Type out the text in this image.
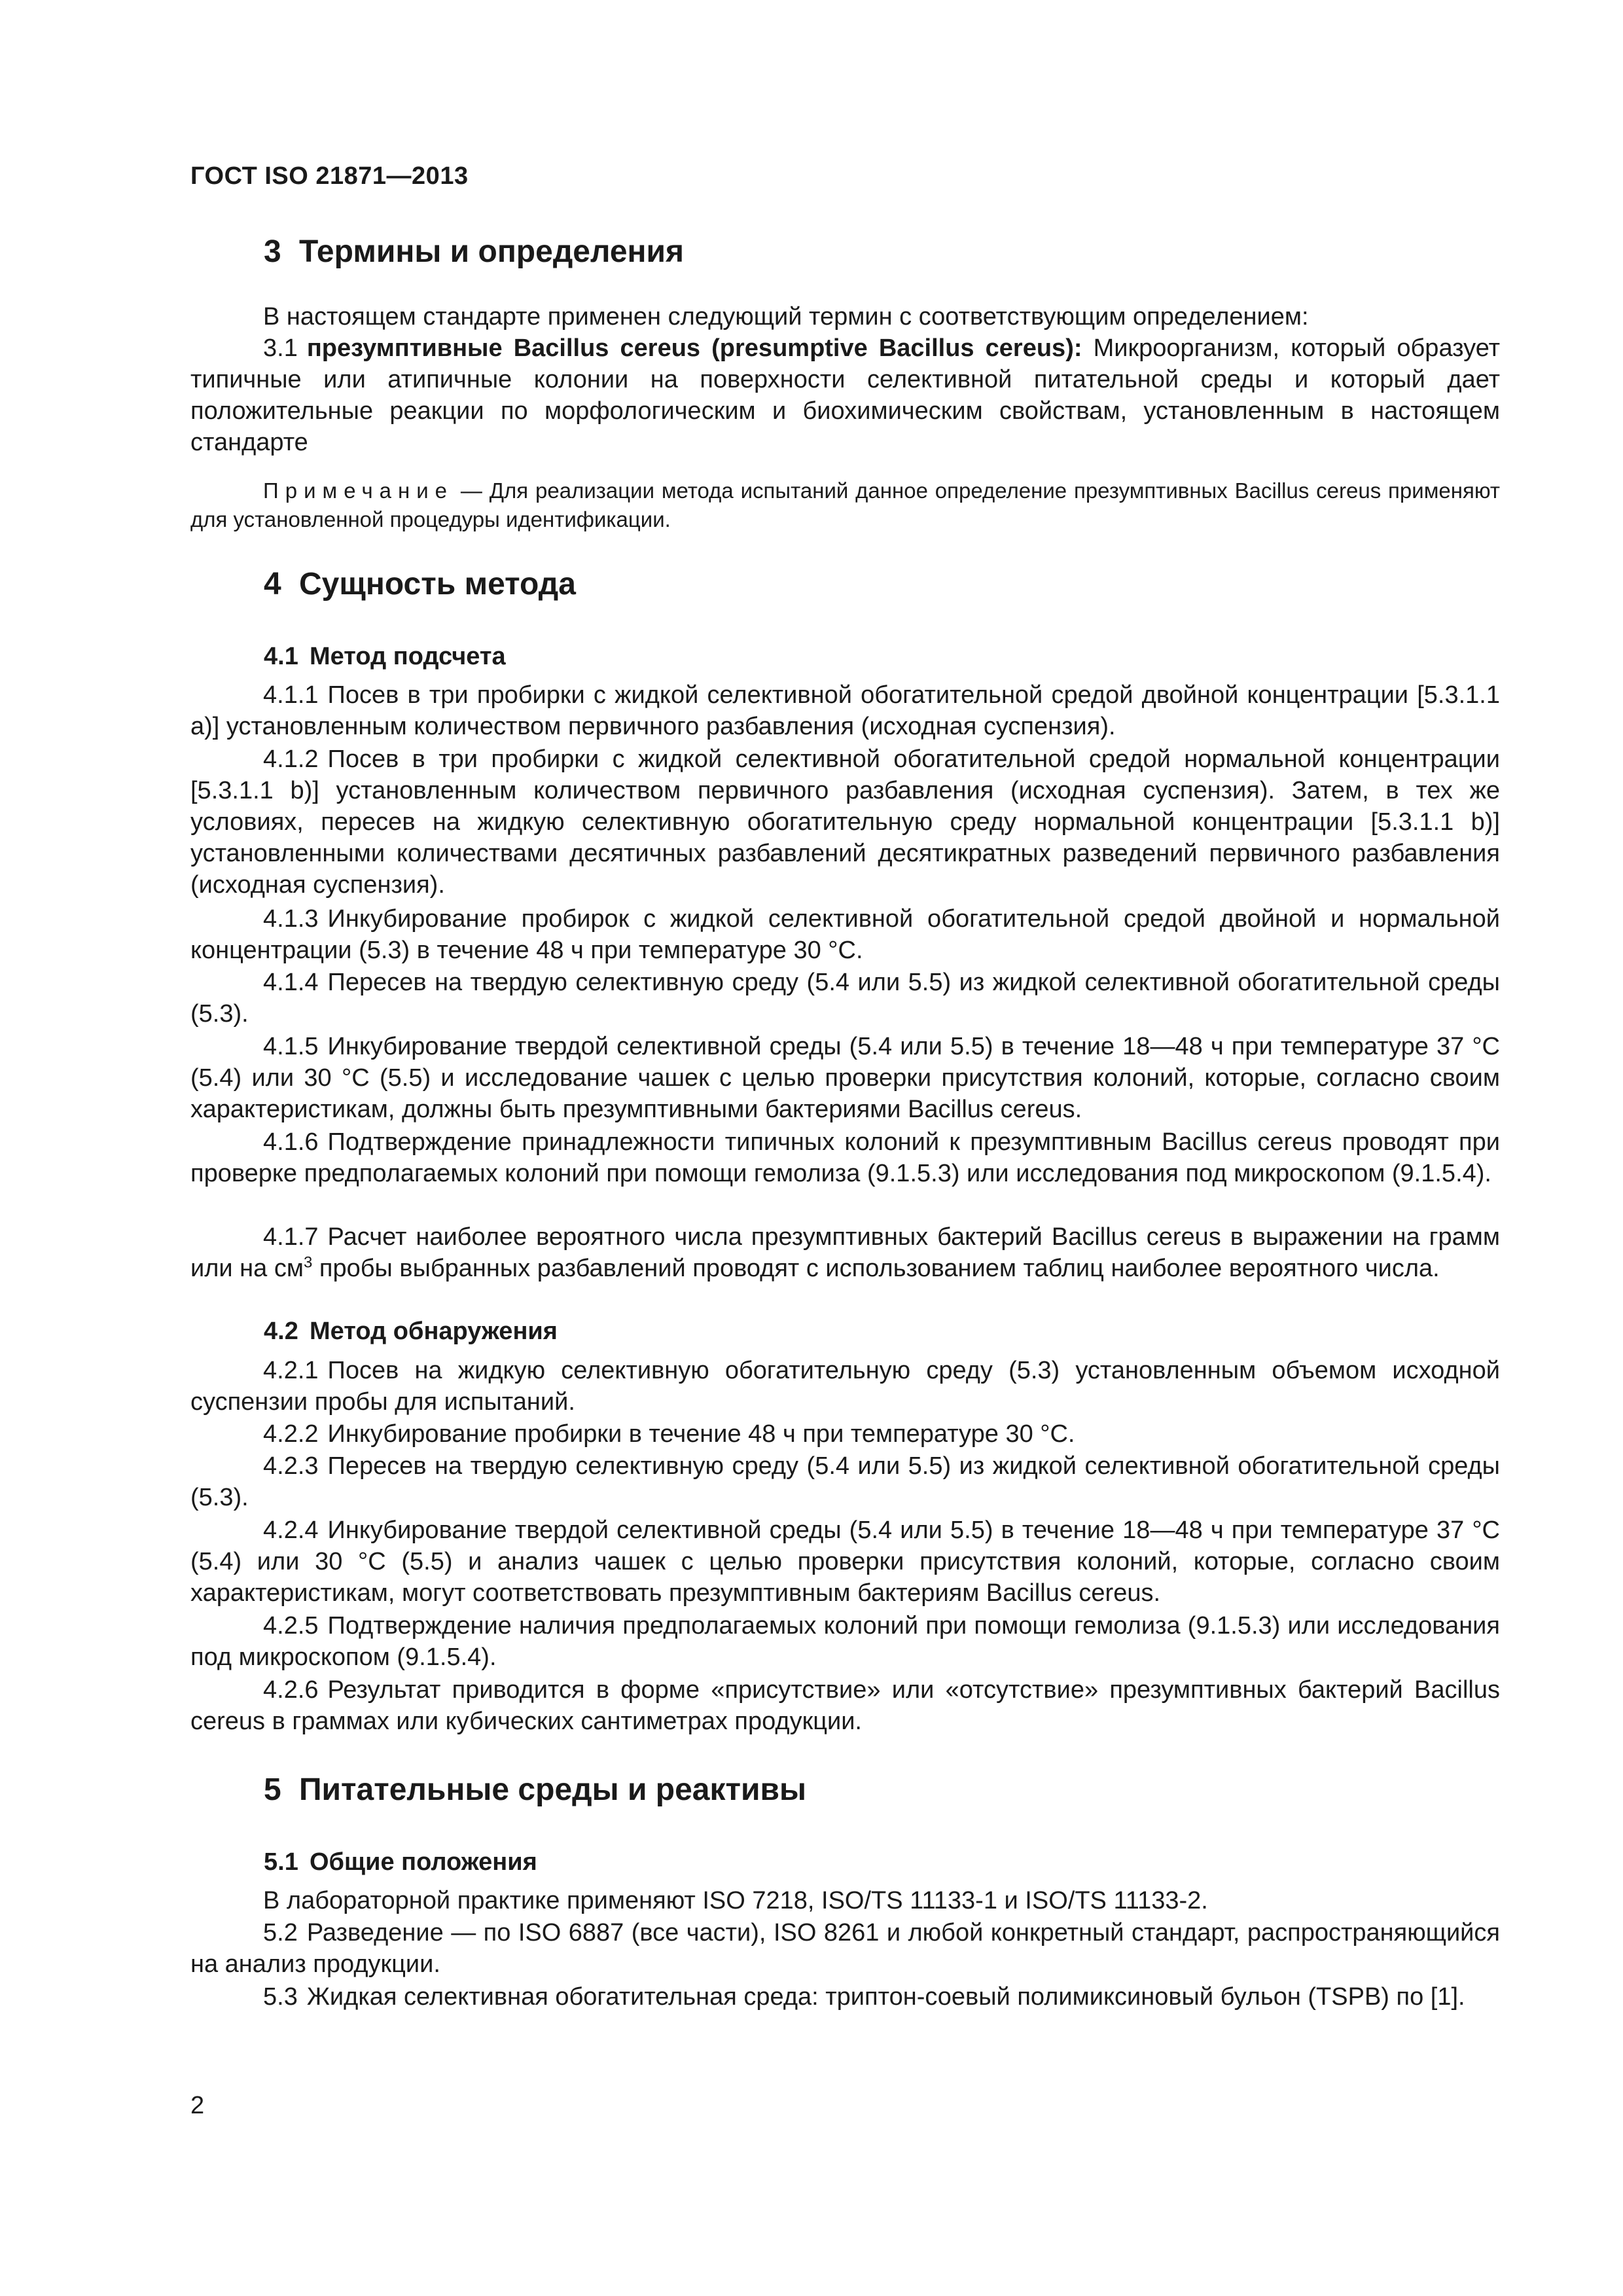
ГОСТ ISO 21871—2013
3 Термины и определения
В настоящем стандарте применен следующий термин с соответствующим определением:
3.1 презумптивные Bacillus cereus (presumptive Bacillus cereus): Микроорганизм, который образует типичные или атипичные колонии на поверхности селективной питательной среды и который дает положительные реакции по морфологическим и биохимическим свойствам, установленным в настоящем стандарте
Примечание — Для реализации метода испытаний данное определение презумптивных Bacillus cereus применяют для установленной процедуры идентификации.
4 Сущность метода
4.1 Метод подсчета
4.1.1 Посев в три пробирки с жидкой селективной обогатительной средой двойной концентрации [5.3.1.1 a)] установленным количеством первичного разбавления (исходная суспензия).
4.1.2 Посев в три пробирки с жидкой селективной обогатительной средой нормальной концентрации [5.3.1.1 b)] установленным количеством первичного разбавления (исходная суспензия). Затем, в тех же условиях, пересев на жидкую селективную обогатительную среду нормальной концентрации [5.3.1.1 b)] установленными количествами десятичных разбавлений десятикратных разведений первичного разбавления (исходная суспензия).
4.1.3 Инкубирование пробирок с жидкой селективной обогатительной средой двойной и нормальной концентрации (5.3) в течение 48 ч при температуре 30 °C.
4.1.4 Пересев на твердую селективную среду (5.4 или 5.5) из жидкой селективной обогатительной среды (5.3).
4.1.5 Инкубирование твердой селективной среды (5.4 или 5.5) в течение 18—48 ч при температуре 37 °C (5.4) или 30 °C (5.5) и исследование чашек с целью проверки присутствия колоний, которые, согласно своим характеристикам, должны быть презумптивными бактериями Bacillus cereus.
4.1.6 Подтверждение принадлежности типичных колоний к презумптивным Bacillus cereus проводят при проверке предполагаемых колоний при помощи гемолиза (9.1.5.3) или исследования под микроскопом (9.1.5.4).
4.1.7 Расчет наиболее вероятного числа презумптивных бактерий Bacillus cereus в выражении на грамм или на $см^3$ пробы выбранных разбавлений проводят с использованием таблиц наиболее вероятного числа.
4.2 Метод обнаружения
4.2.1 Посев на жидкую селективную обогатительную среду (5.3) установленным объемом исходной суспензии пробы для испытаний.
4.2.2 Инкубирование пробирки в течение 48 ч при температуре 30 °C.
4.2.3 Пересев на твердую селективную среду (5.4 или 5.5) из жидкой селективной обогатительной среды (5.3).
4.2.4 Инкубирование твердой селективной среды (5.4 или 5.5) в течение 18—48 ч при температуре 37 °C (5.4) или 30 °C (5.5) и анализ чашек с целью проверки присутствия колоний, которые, согласно своим характеристикам, могут соответствовать презумптивным бактериям Bacillus cereus.
4.2.5 Подтверждение наличия предполагаемых колоний при помощи гемолиза (9.1.5.3) или исследования под микроскопом (9.1.5.4).
4.2.6 Результат приводится в форме «присутствие» или «отсутствие» презумптивных бактерий Bacillus cereus в граммах или кубических сантиметрах продукции.
5 Питательные среды и реактивы
5.1 Общие положения
В лабораторной практике применяют ISO 7218, ISO/TS 11133-1 и ISO/TS 11133-2.
5.2 Разведение — по ISO 6887 (все части), ISO 8261 и любой конкретный стандарт, распространяющийся на анализ продукции.
5.3 Жидкая селективная обогатительная среда: триптон-соевый полимиксиновый бульон (TSPB) по [1].
2
